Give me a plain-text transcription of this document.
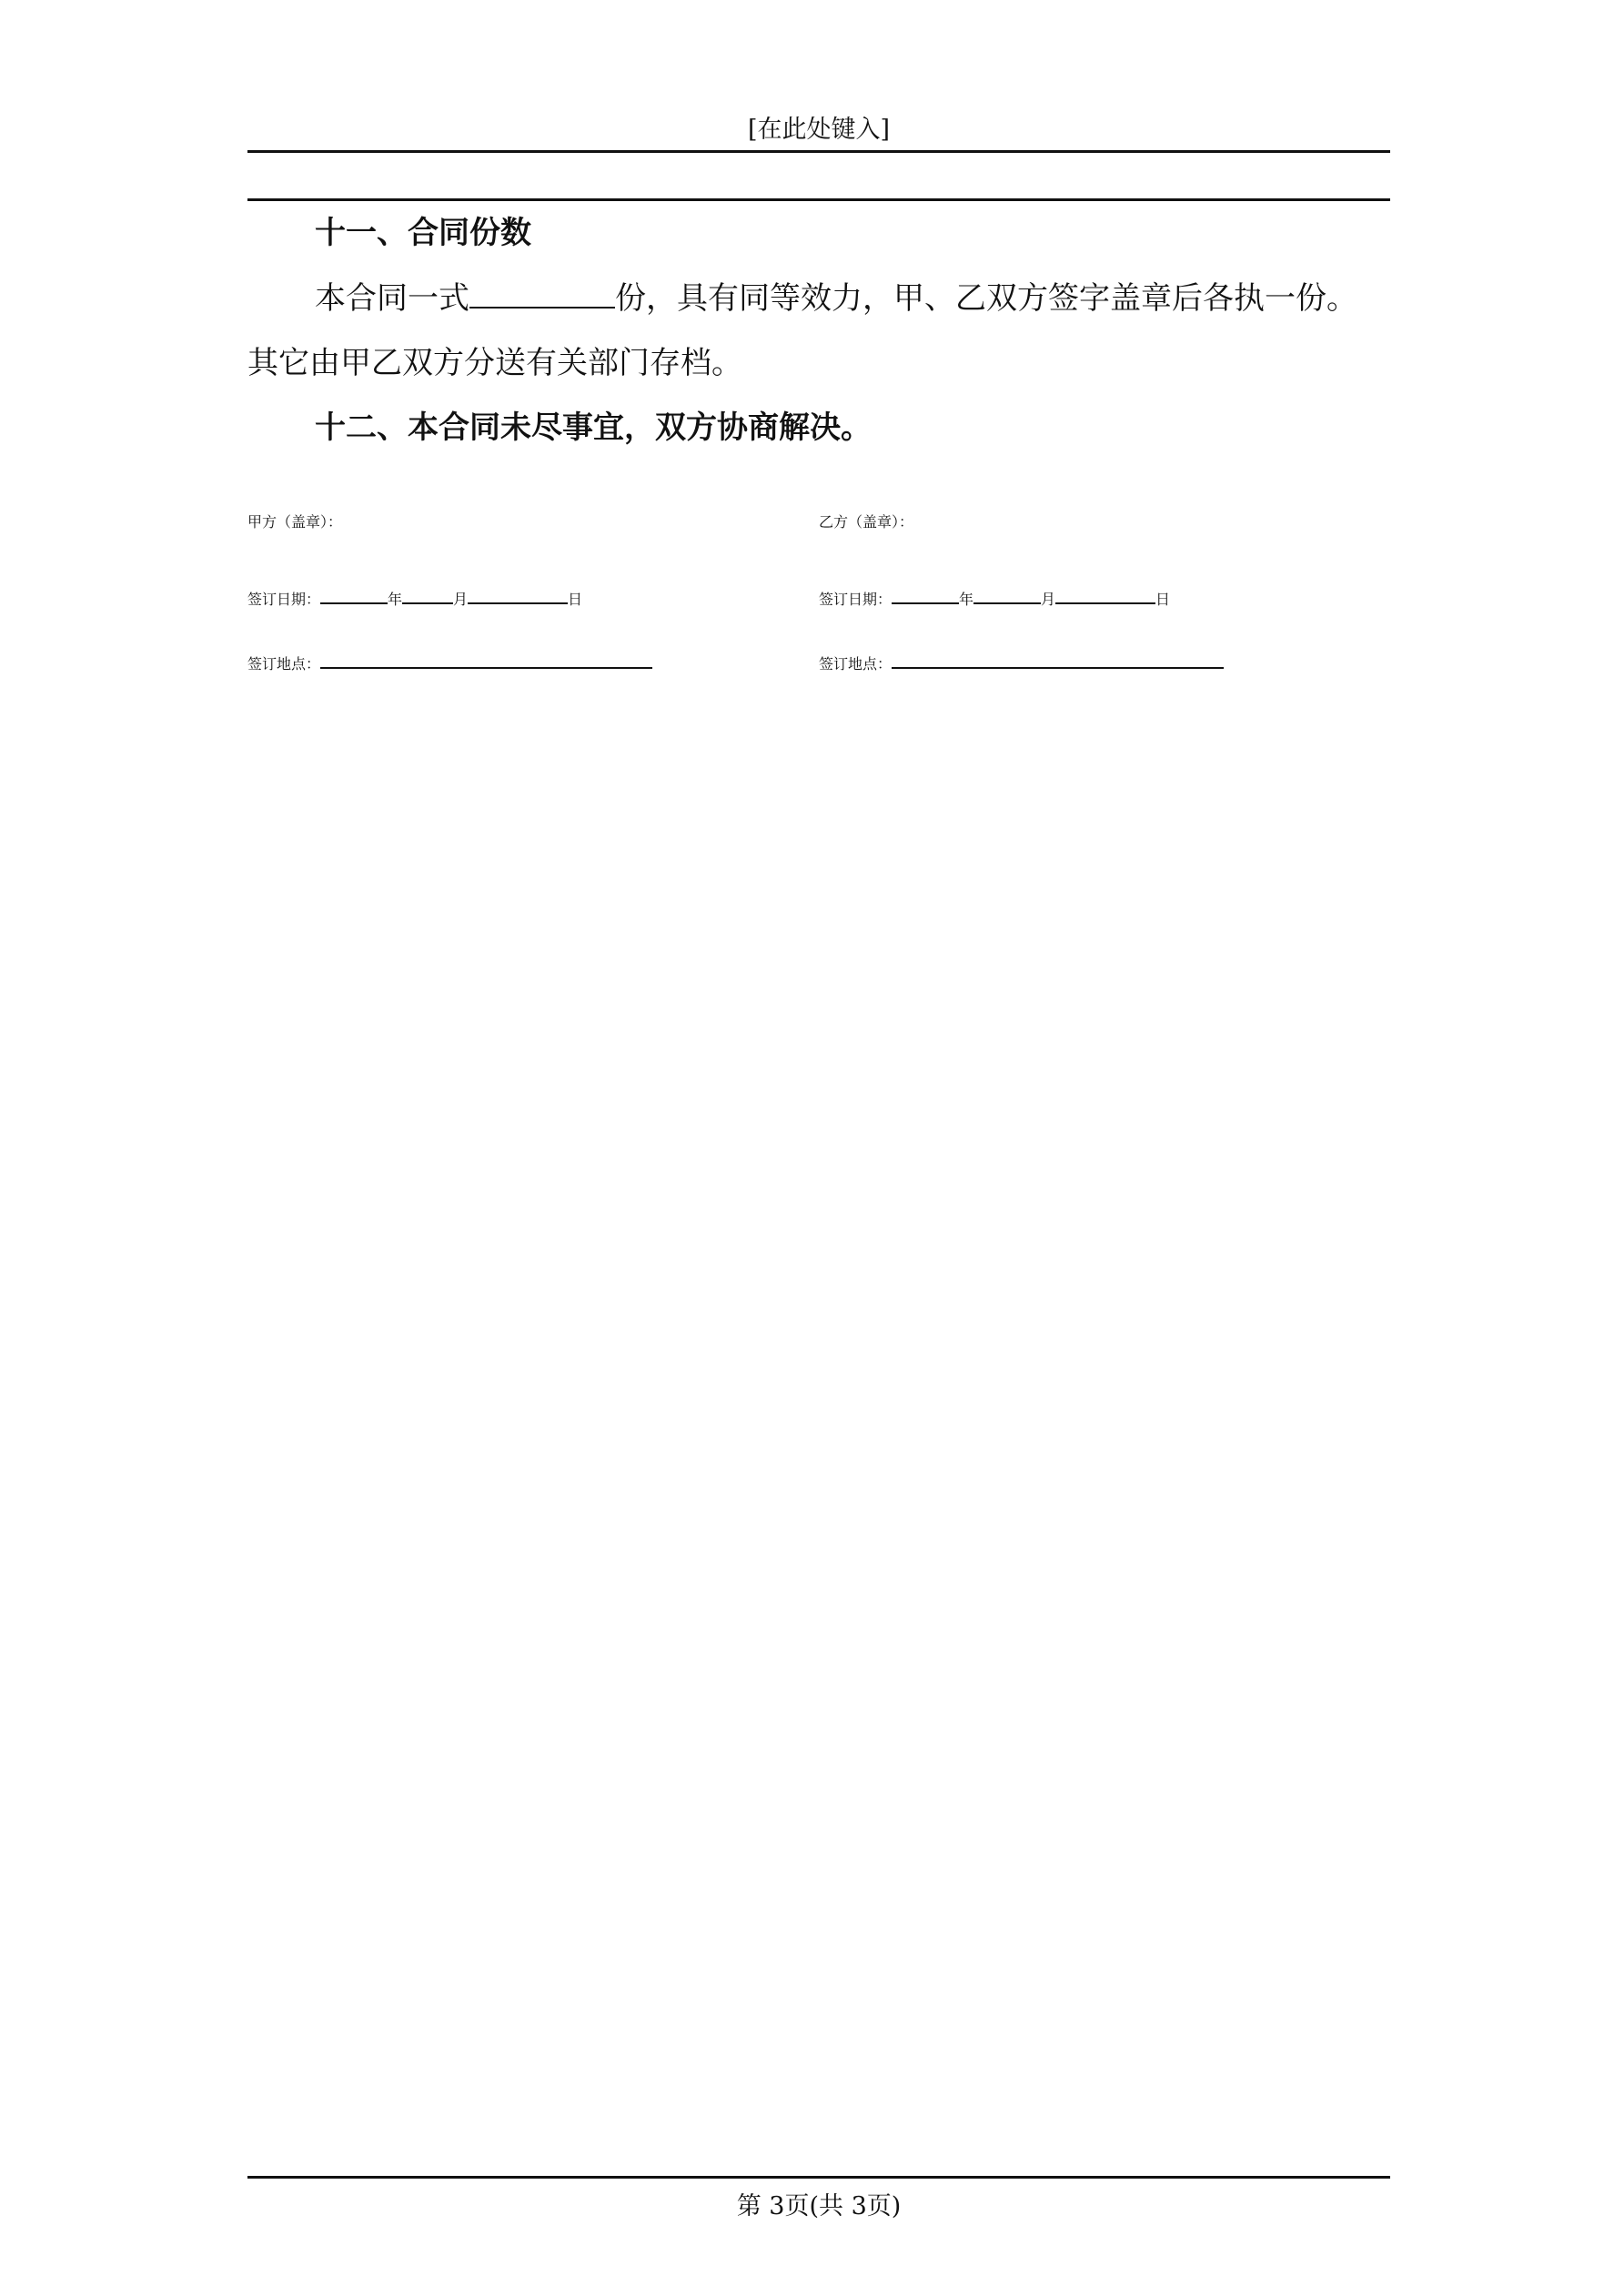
[在此处键入]
十一、合同份数
本合同一式	份，具有同等效力，甲、乙双方签字盖章后各执一份。
其它由甲乙双方分送有关部门存档。
十二、本合同未尽事宜，双方协商解决。
甲方（盖章）：
签订日期：	年	月	日
签订地点：
乙方（盖章）：
签订日期：	年	月	日
签订地点：
第 3页(共 3页)
